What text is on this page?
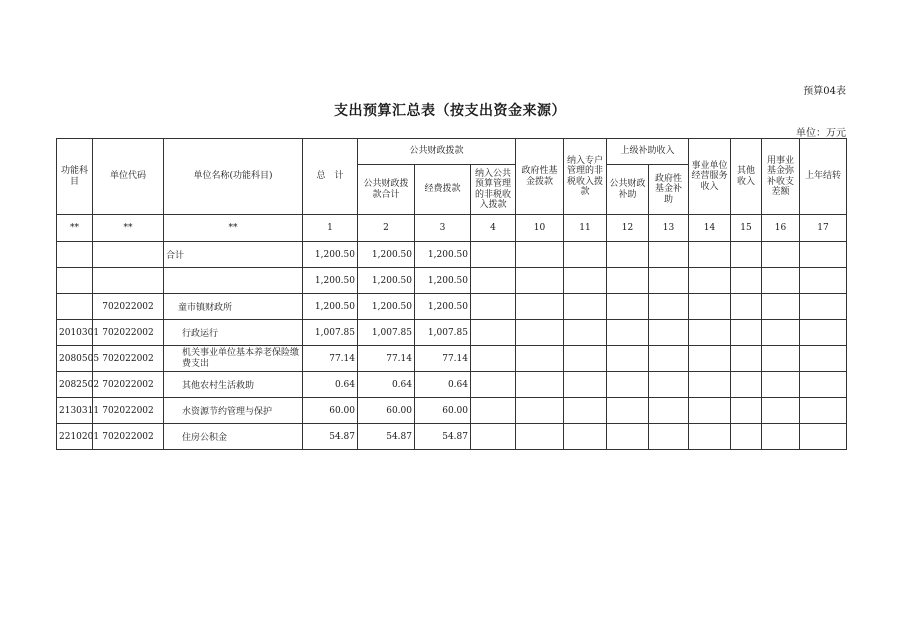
预算04表
支出预算汇总表（按支出资金来源）
单位：万元
功能科目	单位代码	单位名称(功能科目)	总　计	公共财政拨款			政府性基金拨款	纳入专户管理的非税收入拨款	上级补助收入		事业单位经营服务收入	其他收入	用事业基金弥补收支差额	上年结转
				公共财政拨款合计	经费拨款	纳入公共预算管理的非税收入拨款			公共财政补助	政府性基金补助				
**	**	**	1	2	3	4	10	11	12	13	14	15	16	17
		合计	1,200.50	1,200.50	1,200.50									
			1,200.50	1,200.50	1,200.50									
	702022002	童市镇财政所	1,200.50	1,200.50	1,200.50									
2010301	702022002	行政运行	1,007.85	1,007.85	1,007.85									
2080505	702022002	机关事业单位基本养老保险缴费支出	77.14	77.14	77.14									
2082502	702022002	其他农村生活救助	0.64	0.64	0.64									
2130311	702022002	水资源节约管理与保护	60.00	60.00	60.00									
2210201	702022002	住房公积金	54.87	54.87	54.87									
